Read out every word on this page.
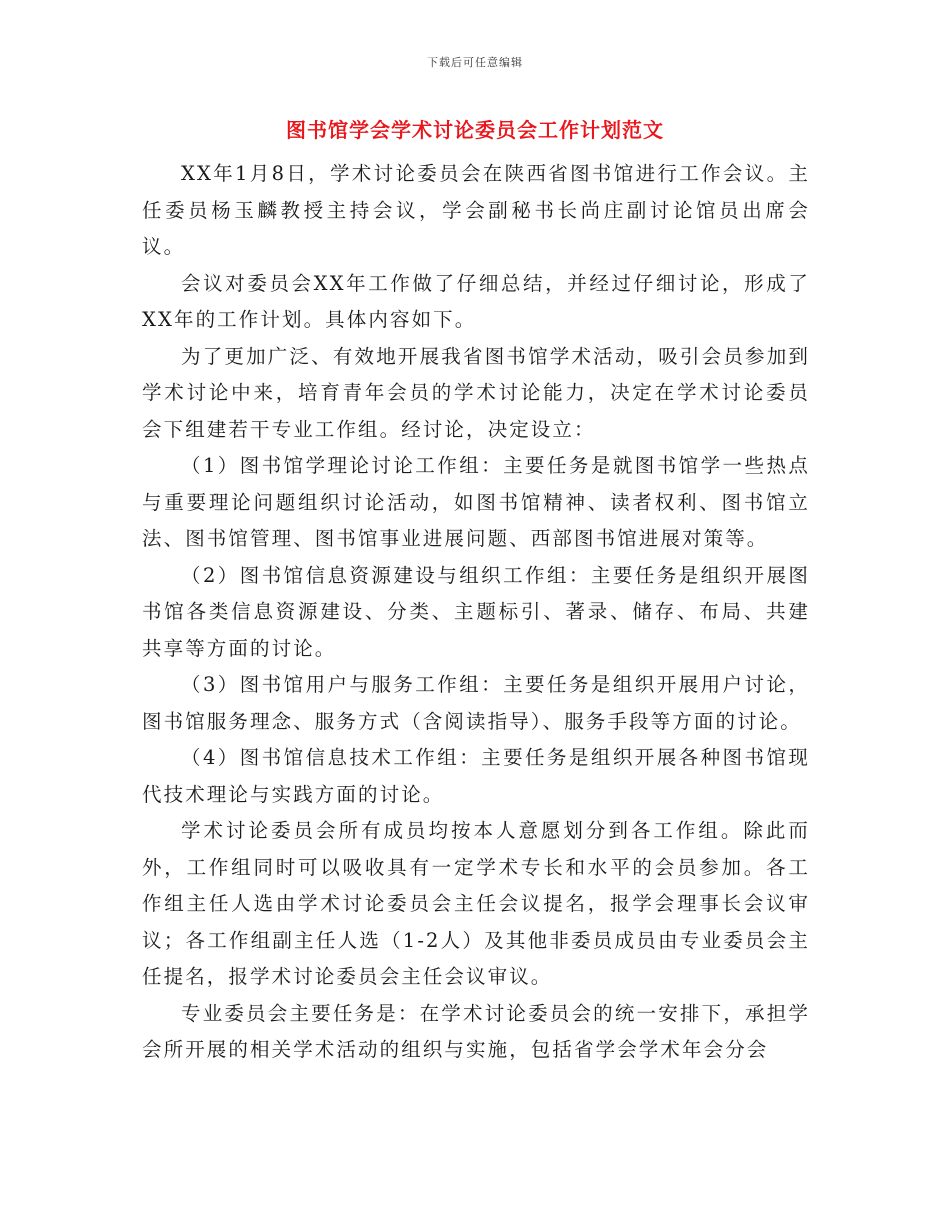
下载后可任意编辑
图书馆学会学术讨论委员会工作计划范文

XX年1月8日，学术讨论委员会在陕西省图书馆进行工作会议。主任委员杨玉麟教授主持会议，学会副秘书长尚庄副讨论馆员出席会议。

会议对委员会XX年工作做了仔细总结，并经过仔细讨论，形成了XX年的工作计划。具体内容如下。

为了更加广泛、有效地开展我省图书馆学术活动，吸引会员参加到学术讨论中来，培育青年会员的学术讨论能力，决定在学术讨论委员会下组建若干专业工作组。经讨论，决定设立：

（1）图书馆学理论讨论工作组：主要任务是就图书馆学一些热点与重要理论问题组织讨论活动，如图书馆精神、读者权利、图书馆立法、图书馆管理、图书馆事业进展问题、西部图书馆进展对策等。

（2）图书馆信息资源建设与组织工作组：主要任务是组织开展图书馆各类信息资源建设、分类、主题标引、著录、储存、布局、共建共享等方面的讨论。

（3）图书馆用户与服务工作组：主要任务是组织开展用户讨论，图书馆服务理念、服务方式（含阅读指导）、服务手段等方面的讨论。

（4）图书馆信息技术工作组：主要任务是组织开展各种图书馆现代技术理论与实践方面的讨论。

学术讨论委员会所有成员均按本人意愿划分到各工作组。除此而外，工作组同时可以吸收具有一定学术专长和水平的会员参加。各工作组主任人选由学术讨论委员会主任会议提名，报学会理事长会议审议；各工作组副主任人选（1-2人）及其他非委员成员由专业委员会主任提名，报学术讨论委员会主任会议审议。

专业委员会主要任务是：在学术讨论委员会的统一安排下，承担学会所开展的相关学术活动的组织与实施，包括省学会学术年会分会
